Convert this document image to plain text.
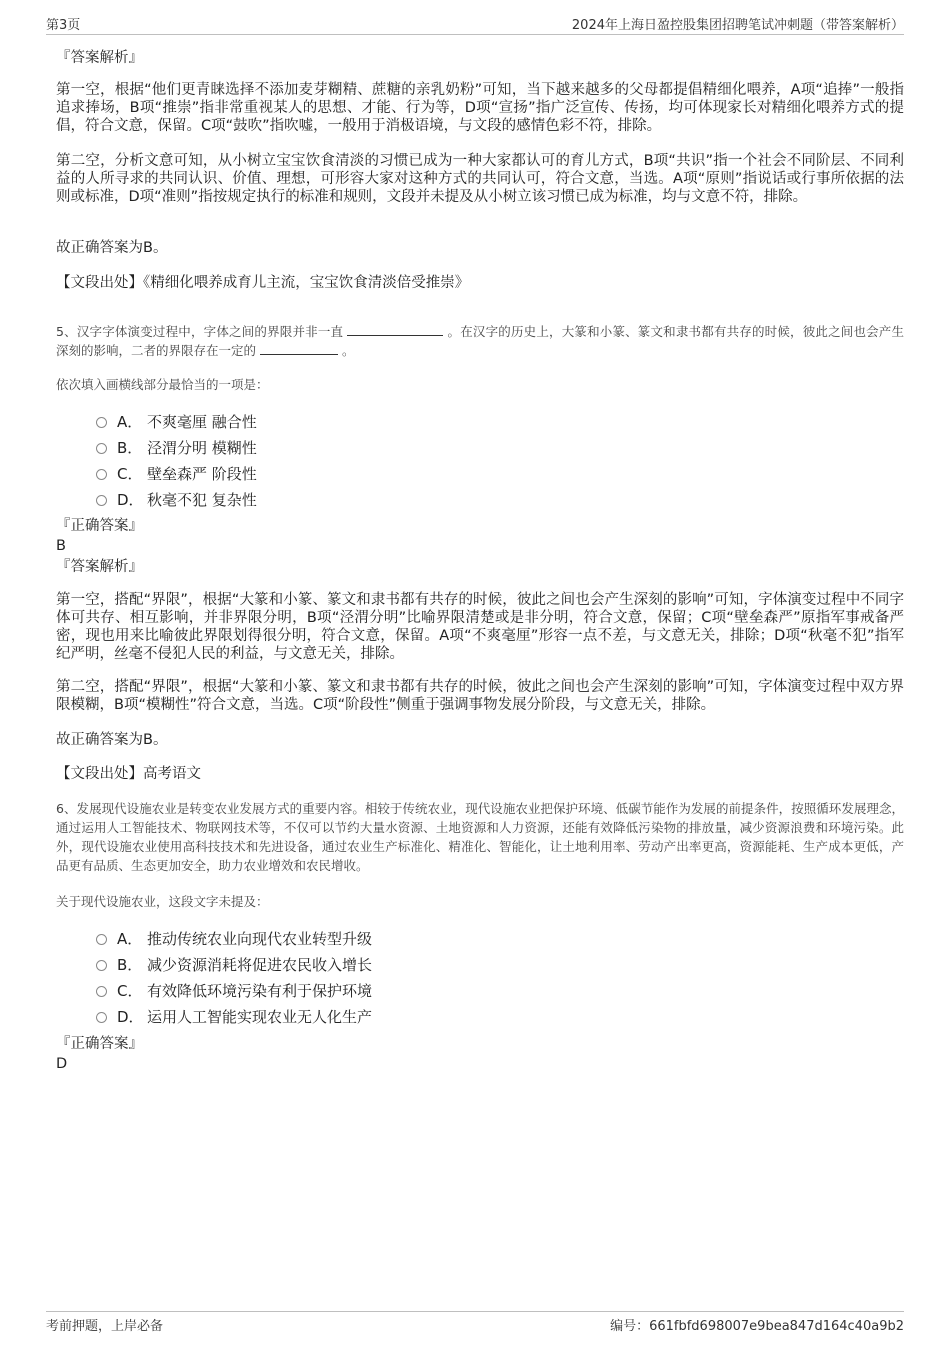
第3页	2024年上海日盈控股集团招聘笔试冲刺题（带答案解析）
『答案解析』
第一空，根据“他们更青睐选择不添加麦芽糊精、蔗糖的亲乳奶粉”可知，当下越来越多的父母都提倡精细化喂养，A项“追捧”一般指追求捧场，B项“推崇”指非常重视某人的思想、才能、行为等，D项“宣扬”指广泛宣传、传扬，均可体现家长对精细化喂养方式的提倡，符合文意，保留。C项“鼓吹”指吹嘘，一般用于消极语境，与文段的感情色彩不符，排除。
第二空，分析文意可知，从小树立宝宝饮食清淡的习惯已成为一种大家都认可的育儿方式，B项“共识”指一个社会不同阶层、不同利益的人所寻求的共同认识、价值、理想，可形容大家对这种方式的共同认可，符合文意，当选。A项“原则”指说话或行事所依据的法则或标准，D项“准则”指按规定执行的标准和规则，文段并未提及从小树立该习惯已成为标准，均与文意不符，排除。
故正确答案为B。
【文段出处】《精细化喂养成育儿主流，宝宝饮食清淡倍受推崇》
5、汉字字体演变过程中，字体之间的界限并非一直	。在汉字的历史上，大篆和小篆、篆文和隶书都有共存的时候，彼此之间也会产生深刻的影响，二者的界限存在一定的	。
依次填入画横线部分最恰当的一项是：
A． 不爽毫厘 融合性
B． 泾渭分明 模糊性
C． 壁垒森严 阶段性
D． 秋毫不犯 复杂性
『正确答案』
B
『答案解析』
第一空，搭配“界限”，根据“大篆和小篆、篆文和隶书都有共存的时候，彼此之间也会产生深刻的影响”可知，字体演变过程中不同字体可共存、相互影响，并非界限分明，B项“泾渭分明”比喻界限清楚或是非分明，符合文意，保留；C项“壁垒森严”原指军事戒备严密，现也用来比喻彼此界限划得很分明，符合文意，保留。A项“不爽毫厘”形容一点不差，与文意无关，排除；D项“秋毫不犯”指军纪严明，丝毫不侵犯人民的利益，与文意无关，排除。
第二空，搭配“界限”，根据“大篆和小篆、篆文和隶书都有共存的时候，彼此之间也会产生深刻的影响”可知，字体演变过程中双方界限模糊，B项“模糊性”符合文意，当选。C项“阶段性”侧重于强调事物发展分阶段，与文意无关，排除。
故正确答案为B。
【文段出处】高考语文
6、发展现代设施农业是转变农业发展方式的重要内容。相较于传统农业，现代设施农业把保护环境、低碳节能作为发展的前提条件，按照循环发展理念，通过运用人工智能技术、物联网技术等，不仅可以节约大量水资源、土地资源和人力资源，还能有效降低污染物的排放量，减少资源浪费和环境污染。此外，现代设施农业使用高科技技术和先进设备，通过农业生产标准化、精准化、智能化，让土地利用率、劳动产出率更高，资源能耗、生产成本更低，产品更有品质、生态更加安全，助力农业增效和农民增收。
关于现代设施农业，这段文字未提及：
A． 推动传统农业向现代农业转型升级
B． 减少资源消耗将促进农民收入增长
C． 有效降低环境污染有利于保护环境
D． 运用人工智能实现农业无人化生产
『正确答案』
D
考前押题，上岸必备	编号：661fbfd698007e9bea847d164c40a9b2
